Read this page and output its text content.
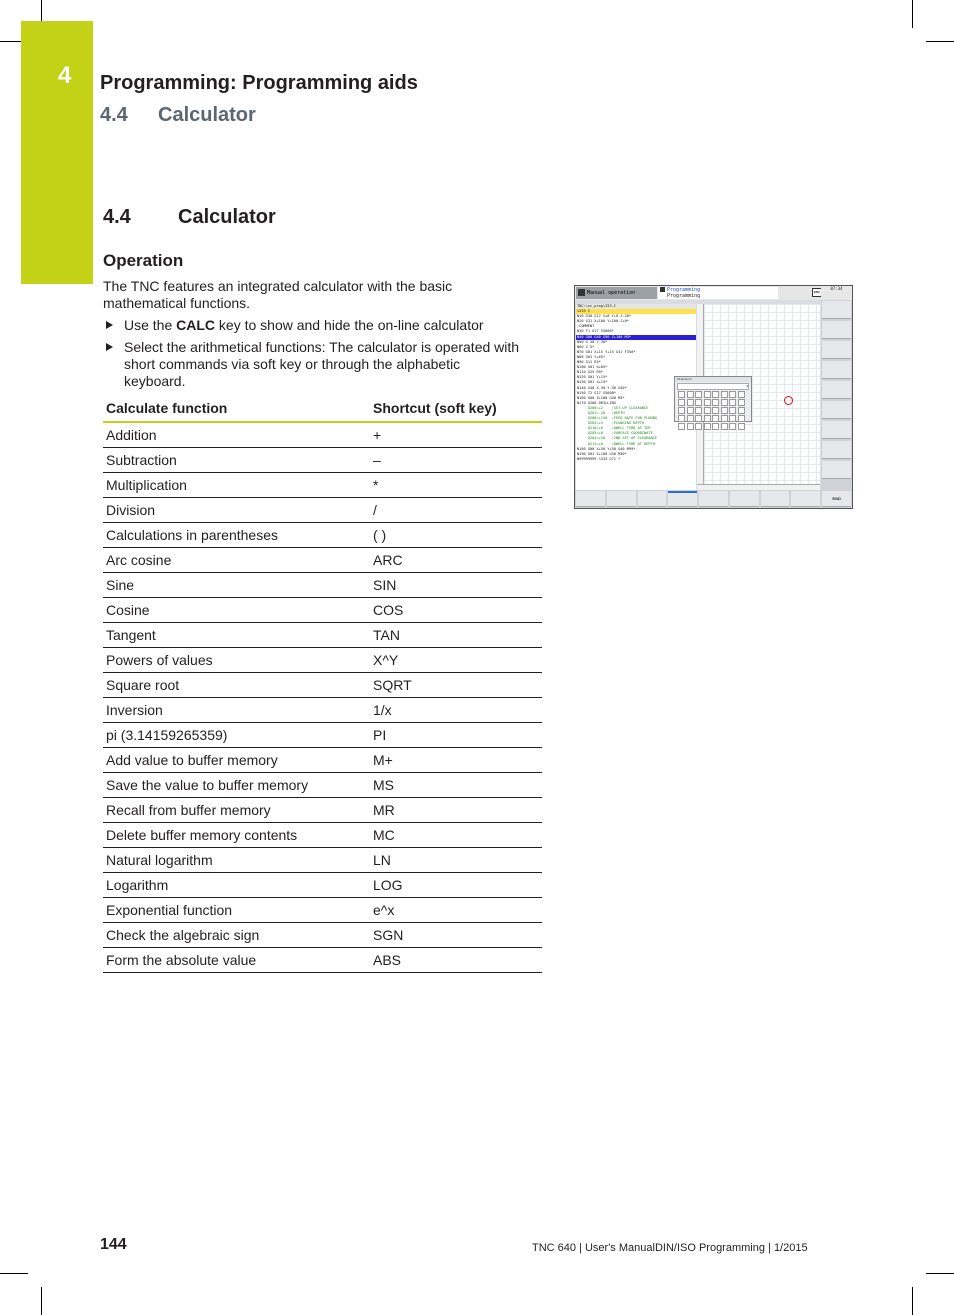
4 Programming: Programming aids
4.4 Calculator
4.4 Calculator
Operation
The TNC features an integrated calculator with the basic mathematical functions.
Use the CALC key to show and hide the on-line calculator
Select the arithmetical functions: The calculator is operated with short commands via soft key or through the alphabetic keyboard.
Calculate function	Shortcut (soft key)
Addition	+
Subtraction	–
Multiplication	*
Division	/
Calculations in parentheses	( )
Arc cosine	ARC
Sine	SIN
Cosine	COS
Tangent	TAN
Powers of values	X^Y
Square root	SQRT
Inversion	1/x
pi (3.14159265359)	PI
Add value to buffer memory	M+
Save the value to buffer memory	MS
Recall from buffer memory	MR
Delete buffer memory contents	MC
Natural logarithm	LN
Logarithm	LOG
Exponential function	e^x
Check the algebraic sign	SGN
Form the absolute value	ABS
Manual operation	Programming
Programming
DNC
07:34
TNC:\nc_prog\333.I
%333 I
N10 G30 G17 X+0 Y+0 Z-20*
N20 G31 X+100 Y+100 Z+0*
;COMMENT
N30 T1 G17 S5000*
N40 G00 G40 G90 Z+100 M3*
N50 X-30 Y-30*
N60 Z-5*
N70 G01 X+15 Y+15 G41 F350*
N80 G01 Y+65*
N90 G11 R5*
N100 G01 X+85*
N110 G25 R5*
N120 G01 Y+15*
N130 G01 X+15*
N140 G40 X-30 Y-30 G40*
N150 T2 G17 S5000*
N160 G00 Z+100 G40 M3*
N170 G200 DRILLING
Q200=+2    ;SET-UP CLEARANCE
Q201=-20   ;DEPTH
Q206=+150  ;FEED RATE FOR PLNGNG
Q202=+5    ;PLUNGING DEPTH
Q210=+0    ;DWELL TIME AT TOP
Q203=+0    ;SURFACE COORDINATE
Q204=+50   ;2ND SET-UP CLEARANCE
Q211=+0    ;DWELL TIME AT DEPTH
N180 G00 X+50 Y+50 G40 M99*
N190 G01 Z+100 G40 M30*
N99999999 %333 G71 *
Standard
0
END
144	TNC 640 | User's ManualDIN/ISO Programming | 1/2015
